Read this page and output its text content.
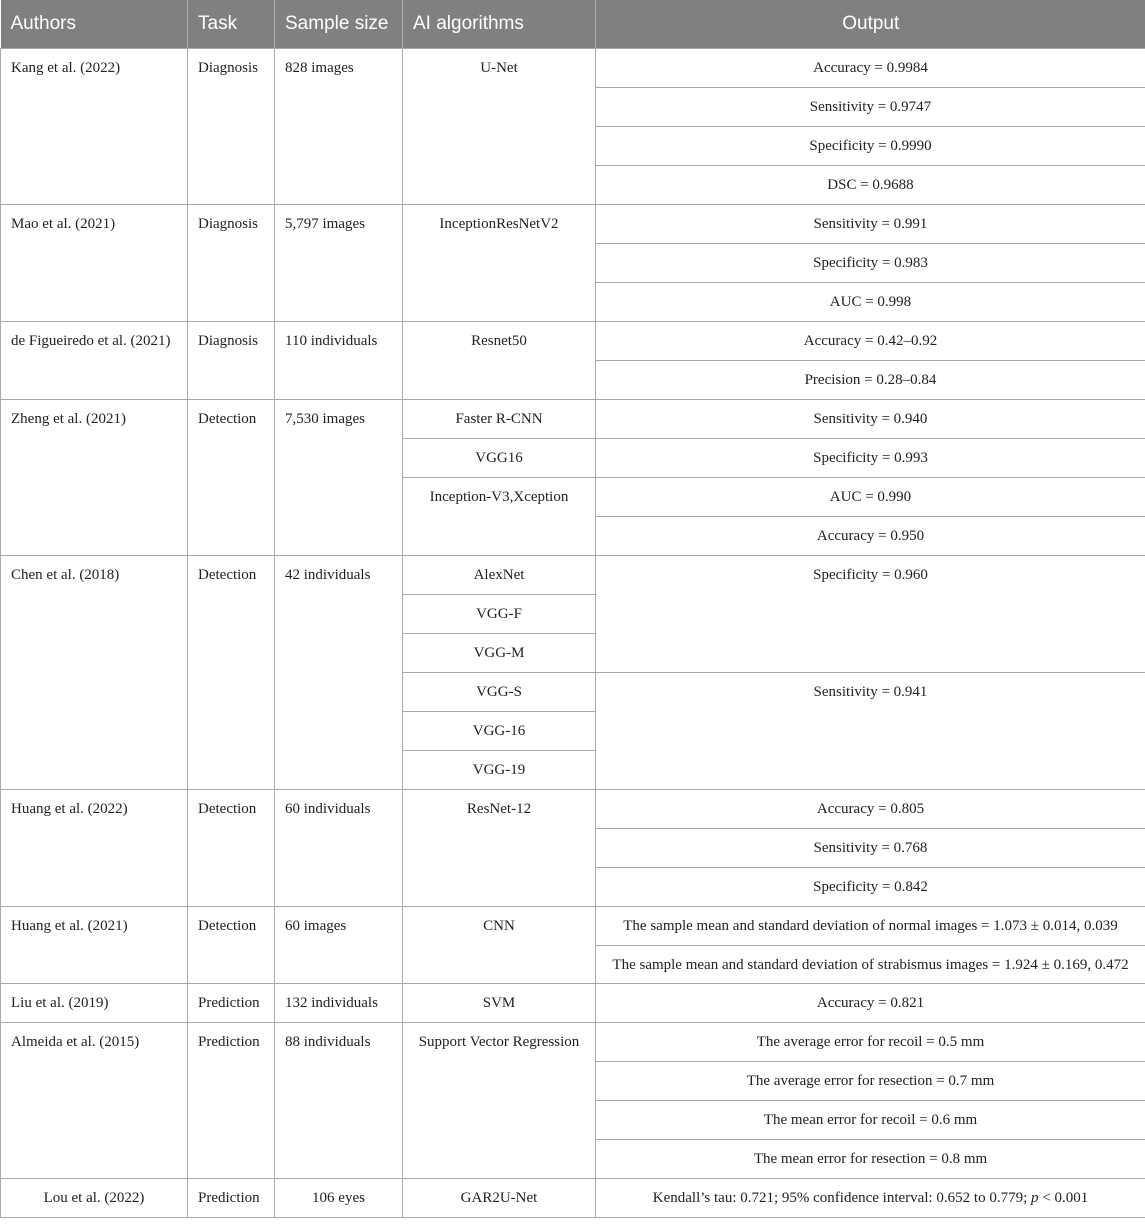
Authors	Task	Sample size	AI algorithms	Output
Kang et al. (2022)	Diagnosis	828 images	U-Net	Accuracy = 0.9984
				Sensitivity = 0.9747
				Specificity = 0.9990
				DSC = 0.9688
Mao et al. (2021)	Diagnosis	5,797 images	InceptionResNetV2	Sensitivity = 0.991
				Specificity = 0.983
				AUC = 0.998
de Figueiredo et al. (2021)	Diagnosis	110 individuals	Resnet50	Accuracy = 0.42–0.92
				Precision = 0.28–0.84
Zheng et al. (2021)	Detection	7,530 images	Faster R-CNN	Sensitivity = 0.940
			VGG16	Specificity = 0.993
			Inception-V3,Xception	AUC = 0.990
				Accuracy = 0.950
Chen et al. (2018)	Detection	42 individuals	AlexNet	Specificity = 0.960
			VGG-F	
			VGG-M	
			VGG-S	Sensitivity = 0.941
			VGG-16	
			VGG-19	
Huang et al. (2022)	Detection	60 individuals	ResNet-12	Accuracy = 0.805
				Sensitivity = 0.768
				Specificity = 0.842
Huang et al. (2021)	Detection	60 images	CNN	The sample mean and standard deviation of normal images = 1.073 ± 0.014, 0.039
				The sample mean and standard deviation of strabismus images = 1.924 ± 0.169, 0.472
Liu et al. (2019)	Prediction	132 individuals	SVM	Accuracy = 0.821
Almeida et al. (2015)	Prediction	88 individuals	Support Vector Regression	The average error for recoil = 0.5 mm
				The average error for resection = 0.7 mm
				The mean error for recoil = 0.6 mm
				The mean error for resection = 0.8 mm
Lou et al. (2022)	Prediction	106 eyes	GAR2U-Net	Kendall’s tau: 0.721; 95% confidence interval: 0.652 to 0.779; p < 0.001
